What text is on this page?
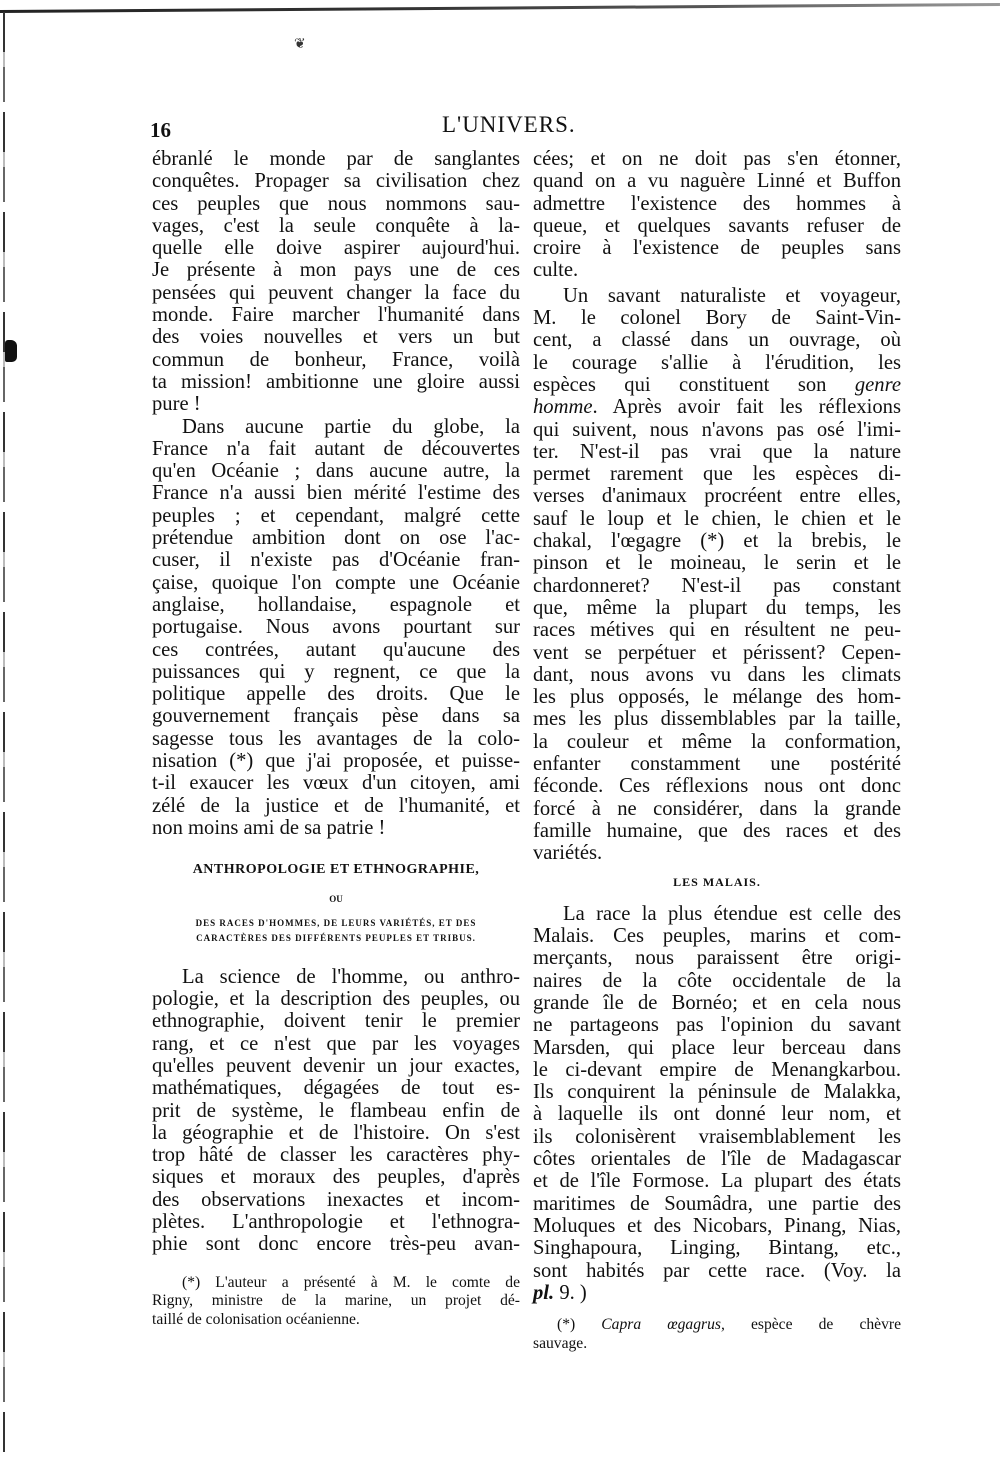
❦
16	L'UNIVERS.

ébranlé le monde par de sanglantes
conquêtes. Propager sa civilisation chez
ces peuples que nous nommons sau-
vages, c'est la seule conquête à la-
quelle elle doive aspirer aujourd'hui.
Je présente à mon pays une de ces
pensées qui peuvent changer la face du
monde. Faire marcher l'humanité dans
des voies nouvelles et vers un but
commun de bonheur, France, voilà
ta mission! ambitionne une gloire aussi
pure !

Dans aucune partie du globe, la
France n'a fait autant de découvertes
qu'en Océanie ; dans aucune autre, la
France n'a aussi bien mérité l'estime des
peuples ; et cependant, malgré cette
prétendue ambition dont on ose l'ac-
cuser, il n'existe pas d'Océanie fran-
çaise, quoique l'on compte une Océanie
anglaise, hollandaise, espagnole et
portugaise. Nous avons pourtant sur
ces contrées, autant qu'aucune des
puissances qui y regnent, ce que la
politique appelle des droits. Que le
gouvernement français pèse dans sa
sagesse tous les avantages de la colo-
nisation (*) que j'ai proposée, et puisse-
t-il exaucer les vœux d'un citoyen, ami
zélé de la justice et de l'humanité, et
non moins ami de sa patrie !

ANTHROPOLOGIE ET ETHNOGRAPHIE,
OU
DES RACES D'HOMMES, DE LEURS VARIÉTÉS, ET DES
CARACTÈRES DES DIFFÉRENTS PEUPLES ET TRIBUS.

La science de l'homme, ou anthro-
pologie, et la description des peuples, ou
ethnographie, doivent tenir le premier
rang, et ce n'est que par les voyages
qu'elles peuvent devenir un jour exactes,
mathématiques, dégagées de tout es-
prit de système, le flambeau enfin de
la géographie et de l'histoire. On s'est
trop hâté de classer les caractères phy-
siques et moraux des peuples, d'après
des observations inexactes et incom-
plètes. L'anthropologie et l'ethnogra-
phie sont donc encore très-peu avan-

(*) L'auteur a présenté à M. le comte de
Rigny, ministre de la marine, un projet dé-
taillé de colonisation océanienne.

cées; et on ne doit pas s'en étonner,
quand on a vu naguère Linné et Buffon
admettre l'existence des hommes à
queue, et quelques savants refuser de
croire à l'existence de peuples sans
culte.

Un savant naturaliste et voyageur,
M. le colonel Bory de Saint-Vin-
cent, a classé dans un ouvrage, où
le courage s'allie à l'érudition, les
espèces qui constituent son genre
homme. Après avoir fait les réflexions
qui suivent, nous n'avons pas osé l'imi-
ter. N'est-il pas vrai que la nature
permet rarement que les espèces di-
verses d'animaux procréent entre elles,
sauf le loup et le chien, le chien et le
chakal, l'œgagre (*) et la brebis, le
pinson et le moineau, le serin et le
chardonneret? N'est-il pas constant
que, même la plupart du temps, les
races métives qui en résultent ne peu-
vent se perpétuer et périssent? Cepen-
dant, nous avons vu dans les climats
les plus opposés, le mélange des hom-
mes les plus dissemblables par la taille,
la couleur et même la conformation,
enfanter constamment une postérité
féconde. Ces réflexions nous ont donc
forcé à ne considérer, dans la grande
famille humaine, que des races et des
variétés.

LES MALAIS.

La race la plus étendue est celle des
Malais. Ces peuples, marins et com-
merçants, nous paraissent être origi-
naires de la côte occidentale de la
grande île de Bornéo; et en cela nous
ne partageons pas l'opinion du savant
Marsden, qui place leur berceau dans
le ci-devant empire de Menangkarbou.
Ils conquirent la péninsule de Malakka,
à laquelle ils ont donné leur nom, et
ils colonisèrent vraisemblablement les
côtes orientales de l'île de Madagascar
et de l'île Formose. La plupart des états
maritimes de Soumâdra, une partie des
Moluques et des Nicobars, Pinang, Nias,
Singhapoura, Linging, Bintang, etc.,
sont habités par cette race. (Voy. la
pl. 9. )

(*) Capra œgagrus, espèce de chèvre
sauvage.
